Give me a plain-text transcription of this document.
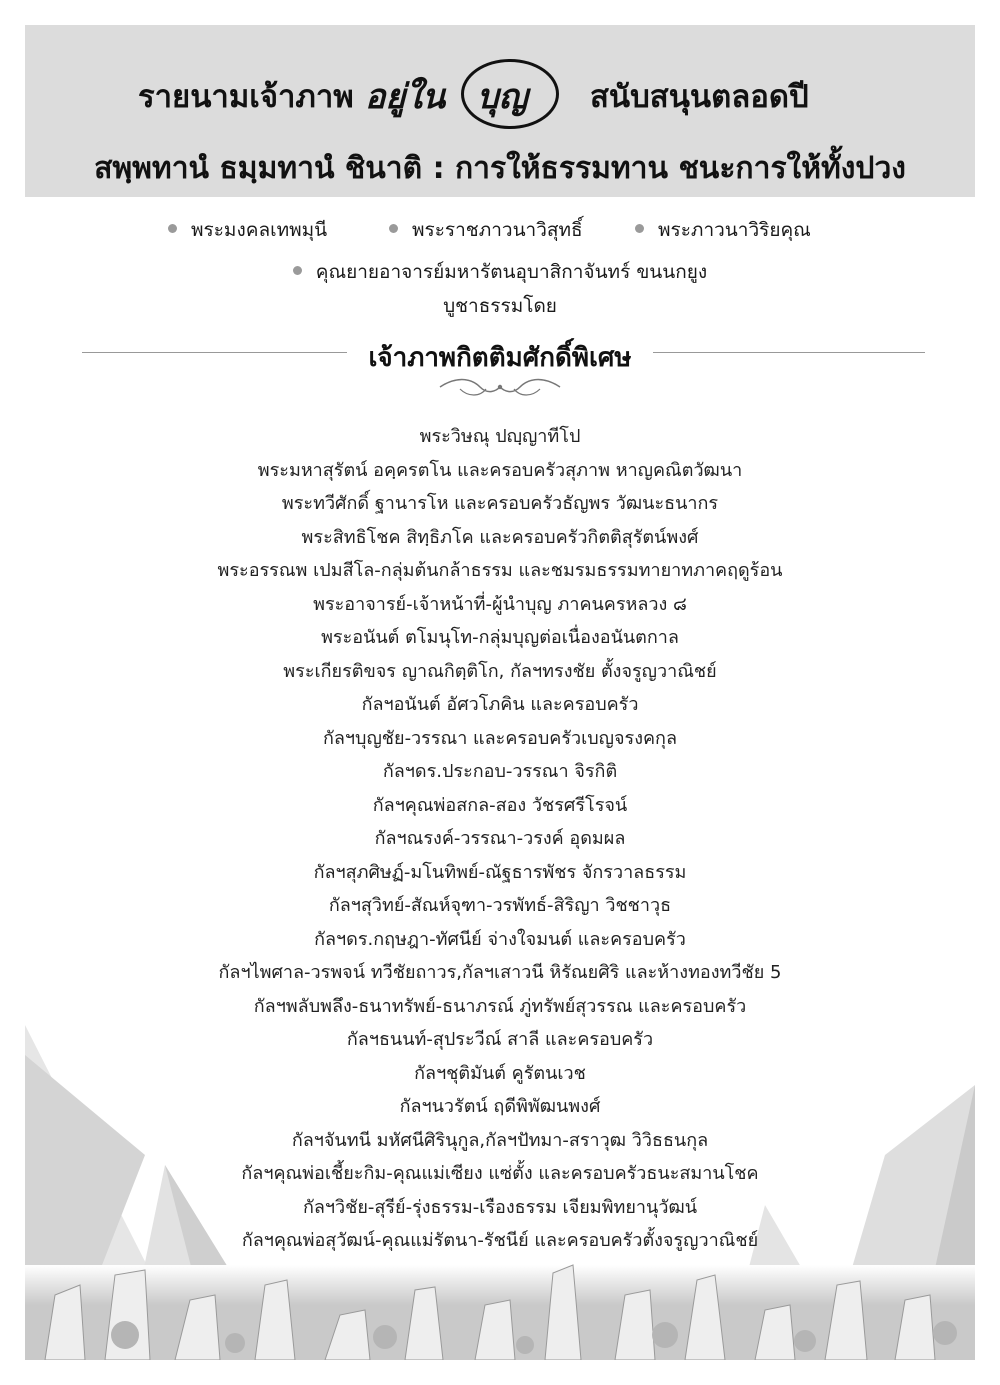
รายนามเจ้าภาพ อยู่ใน บุญ สนับสนุนตลอดปี
สพฺพทานํ ธมฺมทานํ ชินาติ : การให้ธรรมทาน ชนะการให้ทั้งปวง
พระมงคลเทพมุนี	พระราชภาวนาวิสุทธิ์	พระภาวนาวิริยคุณ
คุณยายอาจารย์มหารัตนอุบาสิกาจันทร์ ขนนกยูง
บูชาธรรมโดย
เจ้าภาพกิตติมศักดิ์พิเศษ
พระวิษณุ ปญฺญาทีโป
พระมหาสุรัตน์ อคฺครตโน และครอบครัวสุภาพ หาญคณิตวัฒนา
พระทวีศักดิ์ ฐานารโห และครอบครัวธัญพร วัฒนะธนากร
พระสิทธิโชค สิทฺธิภโค และครอบครัวกิตติสุรัตน์พงศ์
พระอรรณพ เปมสีโล-กลุ่มต้นกล้าธรรม และชมรมธรรมทายาทภาคฤดูร้อน
พระอาจารย์-เจ้าหน้าที่-ผู้นำบุญ ภาคนครหลวง ๘
พระอนันต์ ตโมนุโท-กลุ่มบุญต่อเนื่องอนันตกาล
พระเกียรติขจร ญาณกิตฺติโก, กัลฯทรงชัย ตั้งจรูญวาณิชย์
กัลฯอนันต์ อัศวโภคิน และครอบครัว
กัลฯบุญชัย-วรรณา และครอบครัวเบญจรงคกุล
กัลฯดร.ประกอบ-วรรณา จิรกิติ
กัลฯคุณพ่อสกล-สอง วัชรศรีโรจน์
กัลฯณรงค์-วรรณา-วรงค์ อุดมผล
กัลฯสุภศิษฏ์-มโนทิพย์-ณัฐธารพัชร จักรวาลธรรม
กัลฯสุวิทย์-สัณห์จุฑา-วรพัทธ์-สิริญา วิชชาวุธ
กัลฯดร.กฤษฎา-ทัศนีย์ จ่างใจมนต์ และครอบครัว
กัลฯไพศาล-วรพจน์ ทวีชัยถาวร,กัลฯเสาวนี หิรัณยศิริ และห้างทองทวีชัย 5
กัลฯพลับพลึง-ธนาทรัพย์-ธนาภรณ์ ภู่ทรัพย์สุวรรณ และครอบครัว
กัลฯธนนท์-สุประวีณ์ สาลี และครอบครัว
กัลฯชุติมันต์ คูรัตนเวช
กัลฯนวรัตน์ ฤดีพิพัฒนพงศ์
กัลฯจันทนี มหัศนีศิรินุกูล,กัลฯปัทมา-สราวุฒ วิวิธธนกุล
กัลฯคุณพ่อเชี้ยะกิม-คุณแม่เซียง แซ่ตั้ง และครอบครัวธนะสมานโชค
กัลฯวิชัย-สุรีย์-รุ่งธรรม-เรืองธรรม เจียมพิทยานุวัฒน์
กัลฯคุณพ่อสุวัฒน์-คุณแม่รัตนา-รัชนีย์ และครอบครัวตั้งจรูญวาณิชย์
